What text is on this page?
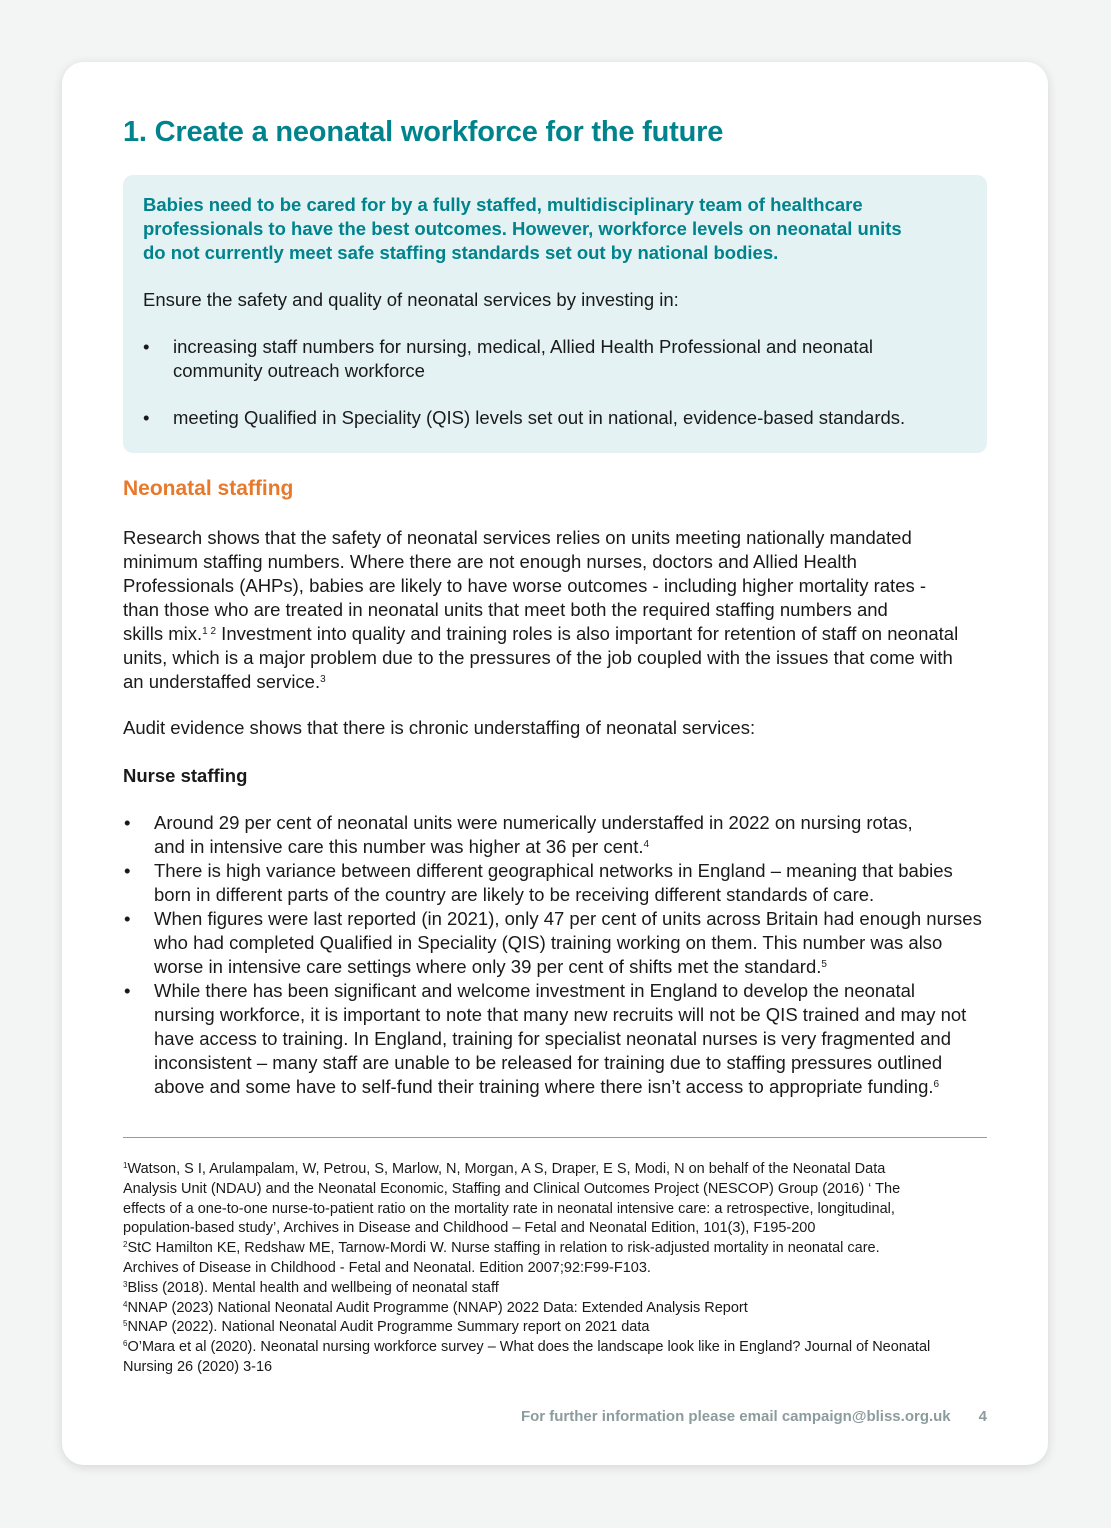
1. Create a neonatal workforce for the future
Babies need to be cared for by a fully staffed, multidisciplinary team of healthcare
professionals to have the best outcomes. However, workforce levels on neonatal units
do not currently meet safe staffing standards set out by national bodies.
Ensure the safety and quality of neonatal services by investing in:
• increasing staff numbers for nursing, medical, Allied Health Professional and neonatal
community outreach workforce
• meeting Qualified in Speciality (QIS) levels set out in national, evidence-based standards.
Neonatal staffing
Research shows that the safety of neonatal services relies on units meeting nationally mandated
minimum staffing numbers. Where there are not enough nurses, doctors and Allied Health
Professionals (AHPs), babies are likely to have worse outcomes - including higher mortality rates -
than those who are treated in neonatal units that meet both the required staffing numbers and
skills mix.$^{1 2}$ Investment into quality and training roles is also important for retention of staff on neonatal
units, which is a major problem due to the pressures of the job coupled with the issues that come with
an understaffed service.$^3$
Audit evidence shows that there is chronic understaffing of neonatal services:
Nurse staffing
• Around 29 per cent of neonatal units were numerically understaffed in 2022 on nursing rotas,
and in intensive care this number was higher at 36 per cent.$^4$
• There is high variance between different geographical networks in England – meaning that babies
born in different parts of the country are likely to be receiving different standards of care.
• When figures were last reported (in 2021), only 47 per cent of units across Britain had enough nurses
who had completed Qualified in Speciality (QIS) training working on them. This number was also
worse in intensive care settings where only 39 per cent of shifts met the standard.$^5$
• While there has been significant and welcome investment in England to develop the neonatal
nursing workforce, it is important to note that many new recruits will not be QIS trained and may not
have access to training. In England, training for specialist neonatal nurses is very fragmented and
inconsistent – many staff are unable to be released for training due to staffing pressures outlined
above and some have to self-fund their training where there isn’t access to appropriate funding.$^6$
$^1$Watson, S I, Arulampalam, W, Petrou, S, Marlow, N, Morgan, A S, Draper, E S, Modi, N on behalf of the Neonatal Data
Analysis Unit (NDAU) and the Neonatal Economic, Staffing and Clinical Outcomes Project (NESCOP) Group (2016) ‘ The
effects of a one-to-one nurse-to-patient ratio on the mortality rate in neonatal intensive care: a retrospective, longitudinal,
population-based study’, Archives in Disease and Childhood – Fetal and Neonatal Edition, 101(3), F195-200
$^2$StC Hamilton KE, Redshaw ME, Tarnow-Mordi W. Nurse staffing in relation to risk-adjusted mortality in neonatal care.
Archives of Disease in Childhood - Fetal and Neonatal. Edition 2007;92:F99-F103.
$^3$Bliss (2018). Mental health and wellbeing of neonatal staff
$^4$NNAP (2023) National Neonatal Audit Programme (NNAP) 2022 Data: Extended Analysis Report
$^5$NNAP (2022). National Neonatal Audit Programme Summary report on 2021 data
$^6$O’Mara et al (2020). Neonatal nursing workforce survey – What does the landscape look like in England? Journal of Neonatal
Nursing 26 (2020) 3-16
For further information please email campaign@bliss.org.uk 4
